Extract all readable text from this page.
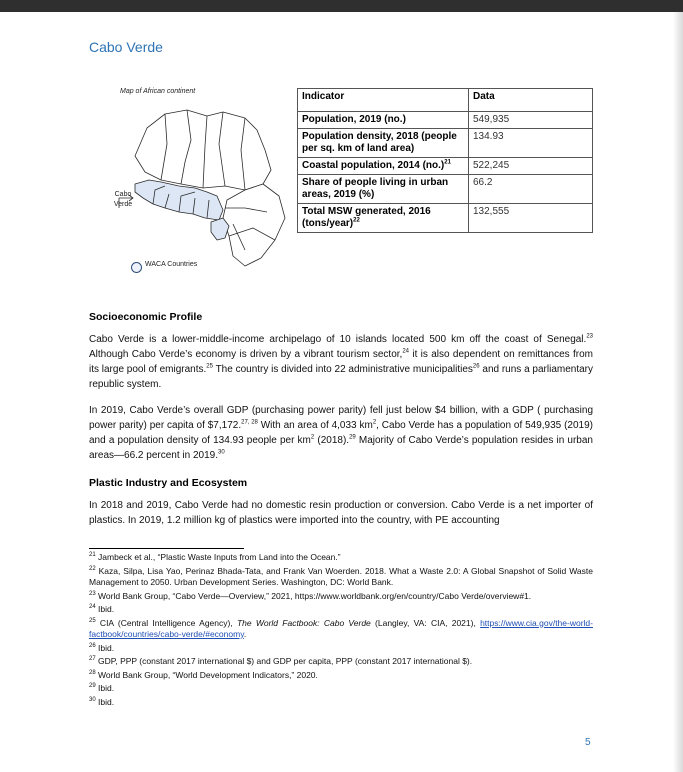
Cabo Verde
Map of African continent
Cabo Verde
WACA Countries
Indicator	Data
Population, 2019 (no.)	549,935
Population density, 2018 (people per sq. km of land area)	134.93
Coastal population, 2014 $(no.)^{21}$	522,245
Share of people living in urban areas, 2019 (%)	66.2
Total MSW generated, 2016 (tons/year)$^{22}$	132,555
Socioeconomic Profile
Cabo Verde is a lower-middle-income archipelago of 10 islands located 500 km off the coast of Senegal.$^{23}$ Although Cabo Verde’s economy is driven by a vibrant tourism sector,$^{24}$ it is also dependent on remittances from its large pool of emigrants.$^{25}$ The country is divided into 22 administrative municipalities$^{26}$ and runs a parliamentary republic system.
In 2019, Cabo Verde’s overall GDP (purchasing power parity) fell just below $4 billion, with a GDP ( purchasing power parity) per capita of $7,172.$^{27, 28}$ With an area of 4,033 $km^2$, Cabo Verde has a population of 549,935 (2019) and a population density of 134.93 people per $km^2$ (2018).$^{29}$ Majority of Cabo Verde’s population resides in urban areas—66.2 percent in 2019.30
Plastic Industry and Ecosystem
In 2018 and 2019, Cabo Verde had no domestic resin production or conversion. Cabo Verde is a net importer of plastics. In 2019, 1.2 million kg of plastics were imported into the country, with PE accounting
$^{21}$ Jambeck et al., “Plastic Waste Inputs from Land into the Ocean.”
$^{22}$ Kaza, Silpa, Lisa Yao, Perinaz Bhada-Tata, and Frank Van Woerden. 2018. What a Waste 2.0: A Global Snapshot of Solid Waste Management to 2050. Urban Development Series. Washington, DC: World Bank.
$^{23}$ World Bank Group, “Cabo Verde—Overview,” 2021, https://www.worldbank.org/en/country/Cabo Verde/overview#1.
$^{24}$ Ibid.
$^{25}$ CIA (Central Intelligence Agency), The World Factbook: Cabo Verde (Langley, VA: CIA, 2021), https://www.cia.gov/the-world-factbook/countries/cabo-verde/#economy.
$^{26}$ Ibid.
$^{27}$ GDP, PPP (constant 2017 international $) and GDP per capita, PPP (constant 2017 international $).
$^{28}$ World Bank Group, “World Development Indicators,” 2020.
$^{29}$ Ibid.
$^{30}$ Ibid.
5
